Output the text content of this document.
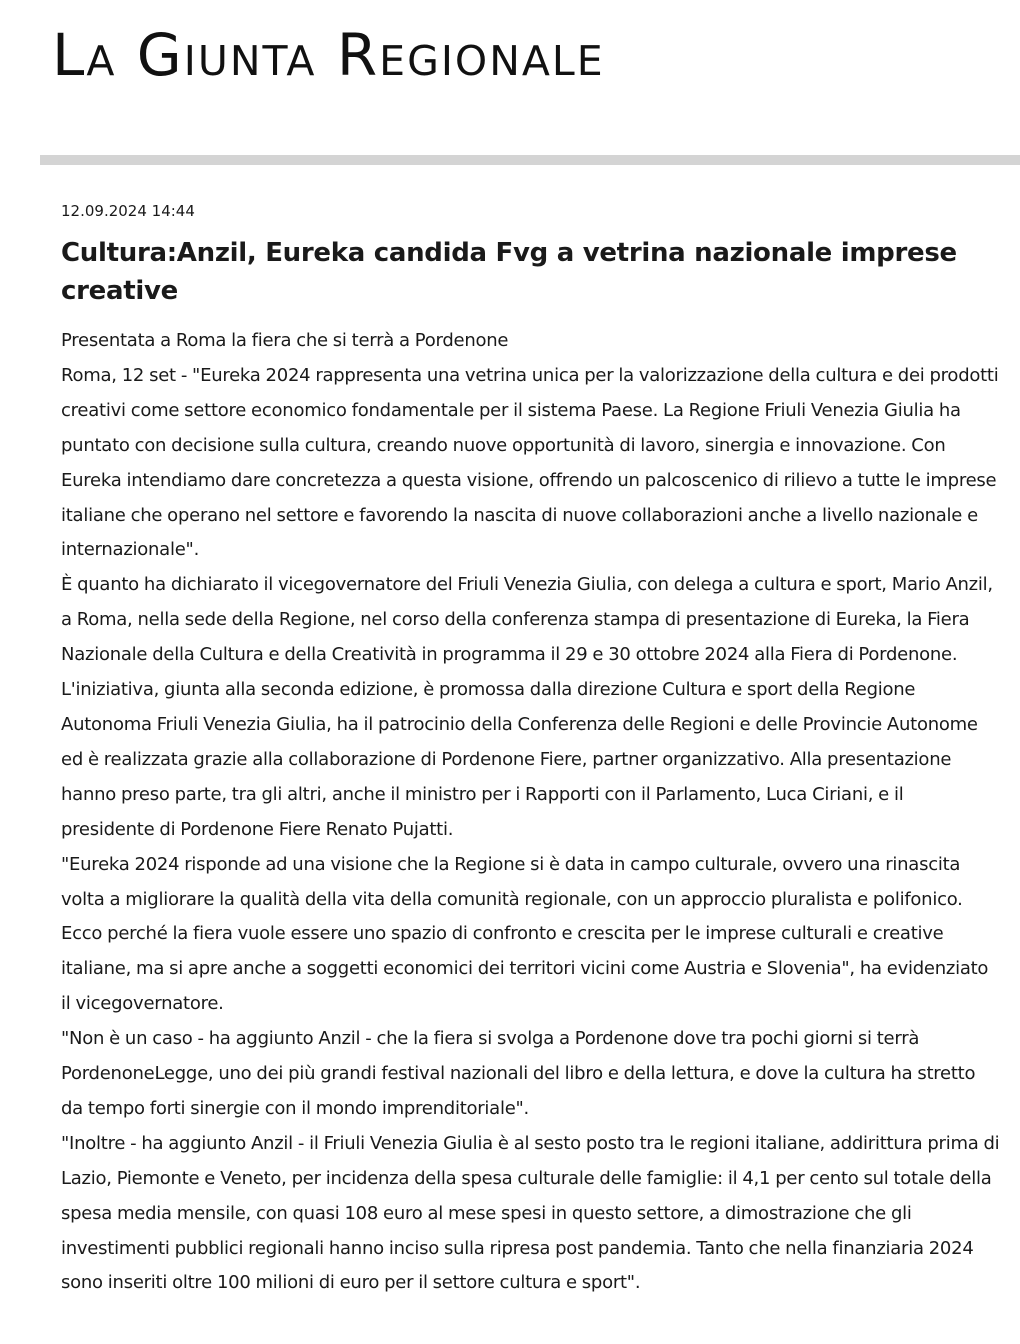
La Giunta Regionale
12.09.2024 14:44
Cultura:Anzil, Eureka candida Fvg a vetrina nazionale imprese creative

Presentata a Roma la fiera che si terrà a Pordenone

Roma, 12 set - "Eureka 2024 rappresenta una vetrina unica per la valorizzazione della cultura e dei prodotti creativi come settore economico fondamentale per il sistema Paese. La Regione Friuli Venezia Giulia ha puntato con decisione sulla cultura, creando nuove opportunità di lavoro, sinergia e innovazione. Con Eureka intendiamo dare concretezza a questa visione, offrendo un palcoscenico di rilievo a tutte le imprese italiane che operano nel settore e favorendo la nascita di nuove collaborazioni anche a livello nazionale e internazionale".

È quanto ha dichiarato il vicegovernatore del Friuli Venezia Giulia, con delega a cultura e sport, Mario Anzil, a Roma, nella sede della Regione, nel corso della conferenza stampa di presentazione di Eureka, la Fiera Nazionale della Cultura e della Creatività in programma il 29 e 30 ottobre 2024 alla Fiera di Pordenone.

L'iniziativa, giunta alla seconda edizione, è promossa dalla direzione Cultura e sport della Regione Autonoma Friuli Venezia Giulia, ha il patrocinio della Conferenza delle Regioni e delle Provincie Autonome ed è realizzata grazie alla collaborazione di Pordenone Fiere, partner organizzativo. Alla presentazione hanno preso parte, tra gli altri, anche il ministro per i Rapporti con il Parlamento, Luca Ciriani, e il presidente di Pordenone Fiere Renato Pujatti.

"Eureka 2024 risponde ad una visione che la Regione si è data in campo culturale, ovvero una rinascita volta a migliorare la qualità della vita della comunità regionale, con un approccio pluralista e polifonico. Ecco perché la fiera vuole essere uno spazio di confronto e crescita per le imprese culturali e creative italiane, ma si apre anche a soggetti economici dei territori vicini come Austria e Slovenia", ha evidenziato il vicegovernatore.

"Non è un caso - ha aggiunto Anzil - che la fiera si svolga a Pordenone dove tra pochi giorni si terrà PordenoneLegge, uno dei più grandi festival nazionali del libro e della lettura, e dove la cultura ha stretto da tempo forti sinergie con il mondo imprenditoriale".

"Inoltre - ha aggiunto Anzil - il Friuli Venezia Giulia è al sesto posto tra le regioni italiane, addirittura prima di Lazio, Piemonte e Veneto, per incidenza della spesa culturale delle famiglie: il 4,1 per cento sul totale della spesa media mensile, con quasi 108 euro al mese spesi in questo settore, a dimostrazione che gli investimenti pubblici regionali hanno inciso sulla ripresa post pandemia. Tanto che nella finanziaria 2024 sono inseriti oltre 100 milioni di euro per il settore cultura e sport".
